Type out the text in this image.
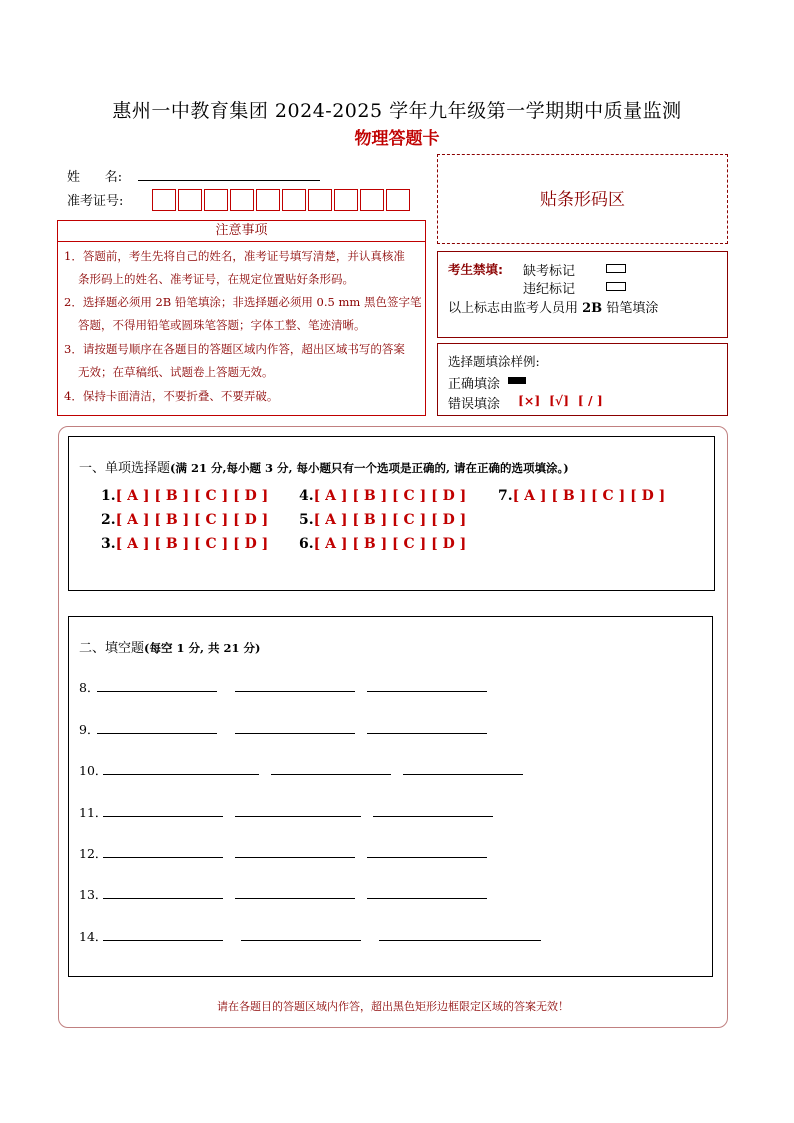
惠州一中教育集团 2024-2025 学年九年级第一学期期中质量监测
物理答题卡
姓      名:
准考证号:	贴条形码区
注意事项
1．答题前，考生先将自己的姓名，准考证号填写清楚，并认真核准
条形码上的姓名、准考证号，在规定位置贴好条形码。
2．选择题必须用 2B 铅笔填涂；非选择题必须用 0.5 mm 黑色签字笔
答题，不得用铅笔或圆珠笔答题；字体工整、笔迹清晰。
3．请按题号顺序在各题目的答题区域内作答，超出区域书写的答案
无效；在草稿纸、试题卷上答题无效。
4．保持卡面清洁，不要折叠、不要弄破。
考生禁填: 缺考标记
违纪标记
以上标志由监考人员用 2B 铅笔填涂
选择题填涂样例:
正确填涂
错误填涂 [×]  [√]  [ / ]
一、单项选择题(满 21 分,每小题 3 分, 每小题只有一个选项是正确的, 请在正确的选项填涂。)
1.[ A ] [ B ] [ C ] [ D ]
2.[ A ] [ B ] [ C ] [ D ]
3.[ A ] [ B ] [ C ] [ D ]
4.[ A ] [ B ] [ C ] [ D ]
5.[ A ] [ B ] [ C ] [ D ]
6.[ A ] [ B ] [ C ] [ D ]
7.[ A ] [ B ] [ C ] [ D ]
二、填空题(每空 1 分, 共 21 分)
8．
9．
10．
11．
12．
13．
14．
请在各题目的答题区域内作答，超出黑色矩形边框限定区域的答案无效！
